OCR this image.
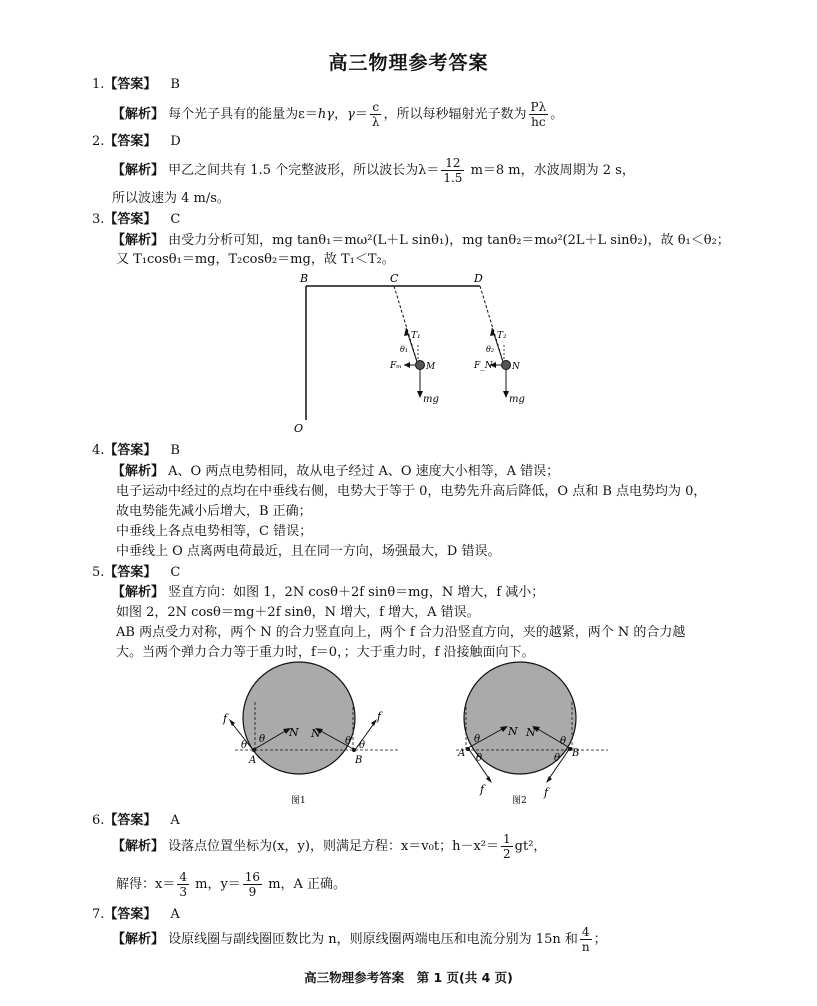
高三物理参考答案
1.【答案】 B
【解析】 每个光子具有的能量为ε＝hγ，$\gamma= \frac{c}{\lambda}$ ，所以每秒辐射光子数为 $\frac{P\lambda}{hc}$ 。
2.【答案】 D
【解析】 甲乙之间共有 1.5 个完整波形，所以波长为$\lambda= \frac{12}{1.5} m=8$ m，水波周期为 2 s，
所以波速为 4 m/s。
3.【答案】 C
【解析】 由受力分析可知，mg tanθ₁＝mω²(L＋L sinθ₁)，mg tanθ₂＝mω²(2L＋L sinθ₂)，故 θ₁＜θ₂；
又 T₁cosθ₁＝mg，T₂cosθ₂＝mg，故 T₁＜T₂。
B	C	D
O
T₁
θ₁
Fₘ	M
mg
T₂
θ₂
F_N N
mg
4.【答案】 B
【解析】 A、O 两点电势相同，故从电子经过 A、O 速度大小相等，A 错误；
电子运动中经过的点均在中垂线右侧，电势大于等于 0，电势先升高后降低，O 点和 B 点电势均为 0，
故电势能先减小后增大，B 正确；
中垂线上各点电势相等，C 错误；
中垂线上 O 点离两电荷最近，且在同一方向，场强最大，D 错误。
5.【答案】 C
【解析】 竖直方向：如图 1，2N cosθ＋2f sinθ＝mg，N 增大，f 减小；
如图 2，2N cosθ＝mg＋2f sinθ，N 增大，f 增大，A 错误。
AB 两点受力对称，两个 N 的合力竖直向上，两个 f 合力沿竖直方向，夹的越紧，两个 N 的合力越
大。当两个弹力合力等于重力时，f＝0，；大于重力时，f 沿接触面向下。
f
N
f
N
θ
θ	θ θ
A	B
图1
N N
f	f
θ
θ
θ
θ
A	B
图2
6.【答案】 A
【解析】 设落点位置坐标为(x，y)，则满足方程：x＝v₀t；$h-x^2= \frac{1}{2} gt^2$，
解得：$x= \frac{4}{3}$ m，$y= \frac{16}{9}$ m，A 正确。
7.【答案】 A
【解析】 设原线圈与副线圈匝数比为 n，则原线圈两端电压和电流分别为 15n 和 $\frac{4}{n}$ ；
高三物理参考答案　第 1 页(共 4 页)
